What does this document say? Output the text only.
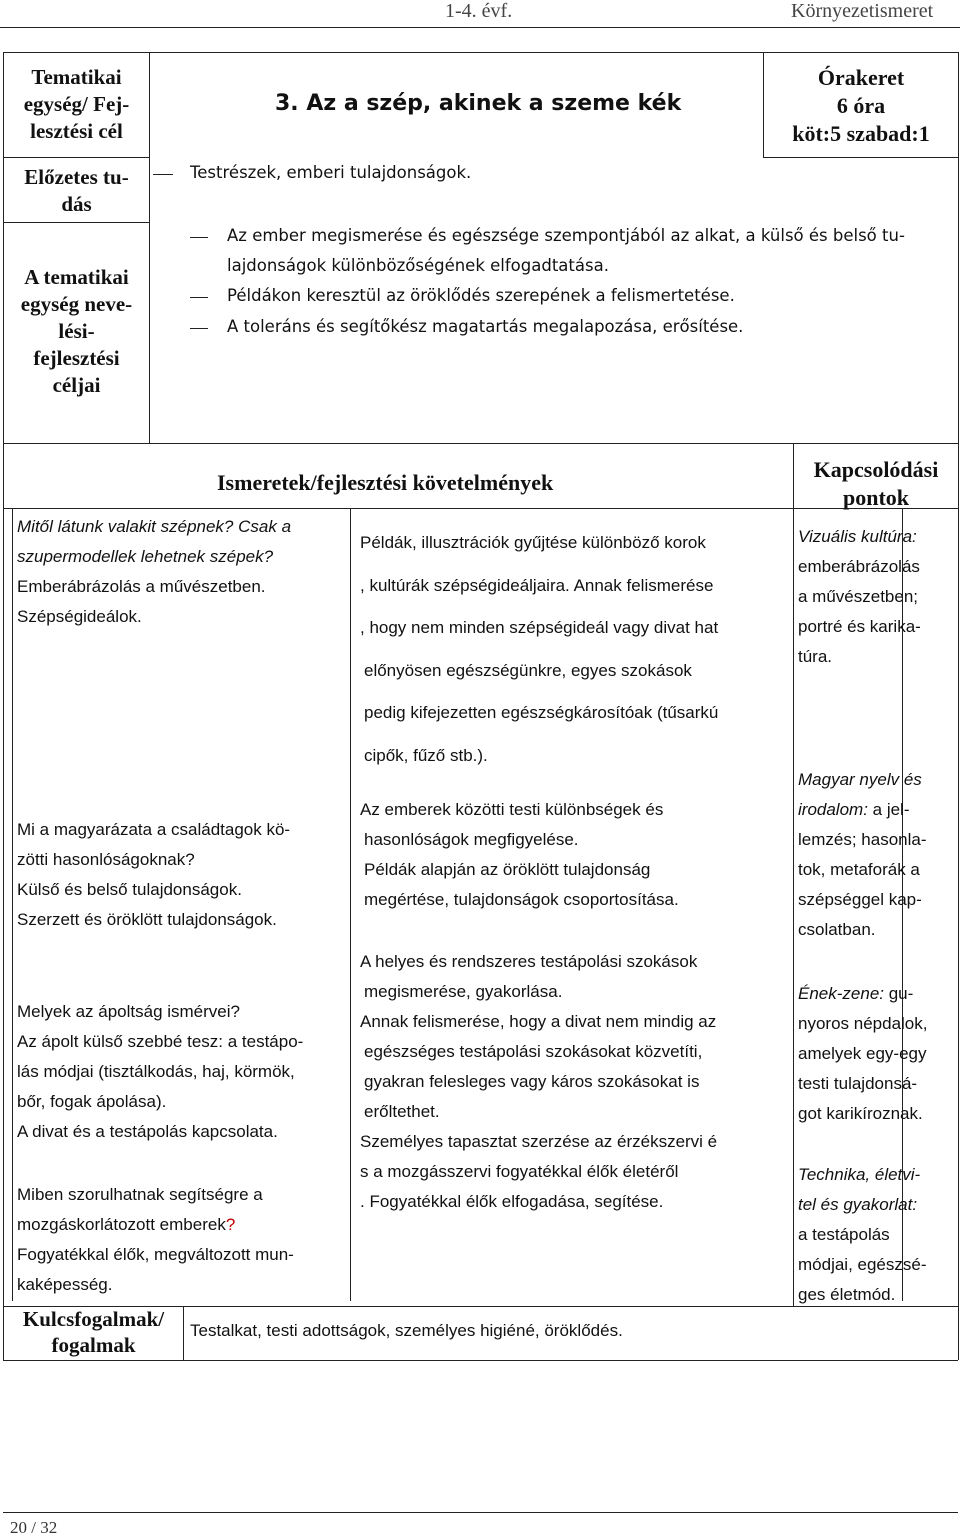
1-4. évf.	Környezetismeret
Tematikai
egység/ Fej-
lesztési cél
3. Az a szép, akinek a szeme kék
Órakeret
6 óra
köt:5 szabad:1
Előzetes tu-
dás
Testrészek, emberi tulajdonságok.
A tematikai
egység neve-
lési-
fejlesztési
céljai
Az ember megismerése és egészsége szempontjából az alkat, a külső és belső tu-
lajdonságok különbözőségének elfogadtatása.
Példákon keresztül az öröklődés szerepének a felismertetése.
A toleráns és segítőkész magatartás megalapozása, erősítése.
Ismeretek/fejlesztési követelmények
Kapcsolódási
pontok
Mitől látunk valakit szépnek? Csak a
szupermodellek lehetnek szépek?
Emberábrázolás a művészetben.
Szépségideálok.
Példák, illusztrációk gyűjtése különböző korok
, kultúrák szépségideáljaira. Annak felismerése
, hogy nem minden szépségideál vagy divat hat
előnyösen egészségünkre, egyes szokások
pedig kifejezetten egészségkárosítóak (tűsarkú
cipők, fűző stb.).
Vizuális kultúra:
emberábrázolás
a művészetben;
portré és karika-
túra.
Mi a magyarázata a családtagok kö-
zötti hasonlóságoknak?
Külső és belső tulajdonságok.
Szerzett és öröklött tulajdonságok.
Az emberek közötti testi különbségek és
hasonlóságok megfigyelése.
Példák alapján az öröklött tulajdonság
megértése, tulajdonságok csoportosítása.
Magyar nyelv és
irodalom: a jel-
lemzés; hasonla-
tok, metaforák a
szépséggel kap-
csolatban.
Melyek az ápoltság ismérvei?
Az ápolt külső szebbé tesz: a testápo-
lás módjai (tisztálkodás, haj, körmök,
bőr, fogak ápolása).
A divat és a testápolás kapcsolata.
A helyes és rendszeres testápolási szokások
megismerése, gyakorlása.
Annak felismerése, hogy a divat nem mindig az
egészséges testápolási szokásokat közvetíti,
gyakran felesleges vagy káros szokásokat is
erőltethet.
Személyes tapasztat szerzése az érzékszervi é
s a mozgásszervi fogyatékkal élők életéről
. Fogyatékkal élők elfogadása, segítése.
Ének-zene: gu-
nyoros népdalok,
amelyek egy-egy
testi tulajdonsá-
got karikíroznak.
Miben szorulhatnak segítségre a
mozgáskorlátozott emberek?
Fogyatékkal élők, megváltozott mun-
kaképesség.
Technika, életvi-
tel és gyakorlat:
a testápolás
módjai, egészsé-
ges életmód.
Kulcsfogalmak/
fogalmak
Testalkat, testi adottságok, személyes higiéné, öröklődés.
20 / 32
